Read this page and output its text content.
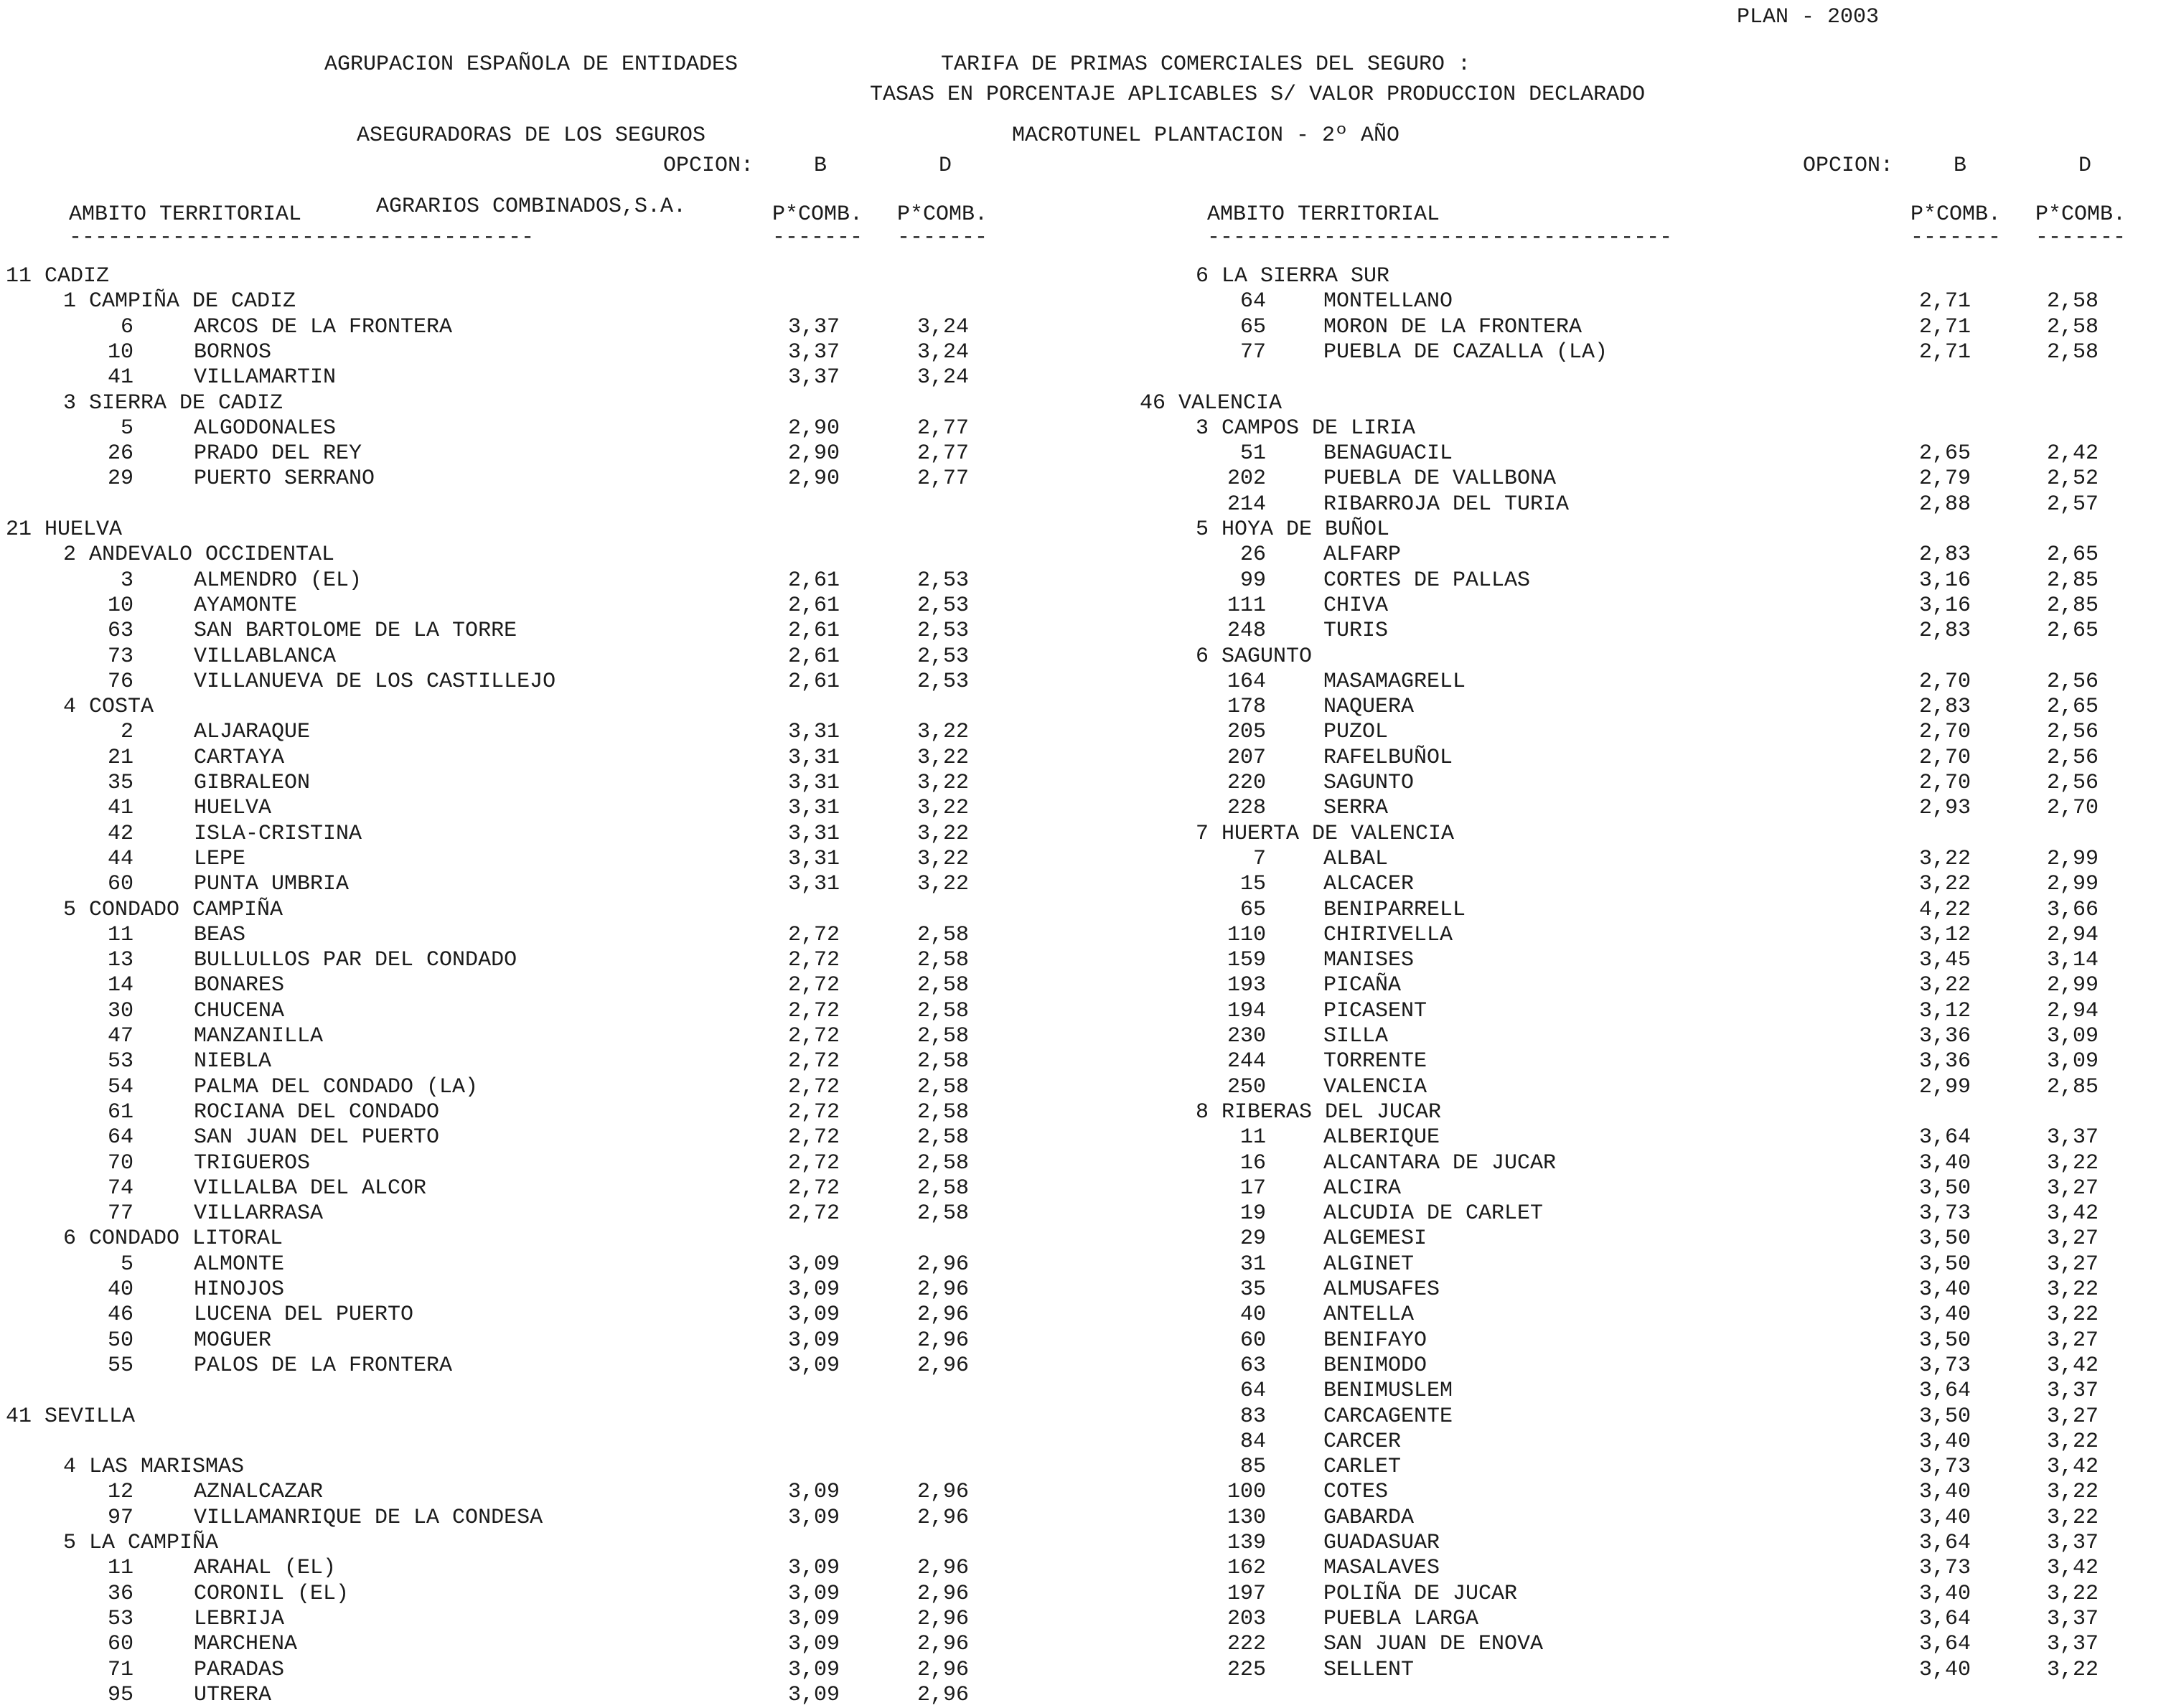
AGRUPACION ESPAÑOLA DE ENTIDADES

ASEGURADORAS DE LOS SEGUROS

AGRARIOS COMBINADOS,S.A.

TARIFA DE PRIMAS COMERCIALES DEL SEGURO :

MACROTUNEL PLANTACION - 2º AÑO

PLAN - 2003
TASAS EN PORCENTAJE APLICABLES S/ VALOR PRODUCCION DECLARADO
OPCION:	B	D
AMBITO TERRITORIAL	P*COMB. P*COMB.
------------------------------------	------- -------
OPCION:	B	D
AMBITO TERRITORIAL	P*COMB. P*COMB.
------------------------------------	------- -------
11 CADIZ
1 CAMPIÑA DE CADIZ
6	ARCOS DE LA FRONTERA	3,37	3,24
10	BORNOS	3,37	3,24
41	VILLAMARTIN	3,37	3,24
3 SIERRA DE CADIZ
5	ALGODONALES	2,90	2,77
26	PRADO DEL REY	2,90	2,77
29	PUERTO SERRANO	2,90	2,77
21 HUELVA
2 ANDEVALO OCCIDENTAL
3	ALMENDRO (EL)	2,61	2,53
10	AYAMONTE	2,61	2,53
63	SAN BARTOLOME DE LA TORRE	2,61	2,53
73	VILLABLANCA	2,61	2,53
76	VILLANUEVA DE LOS CASTILLEJO	2,61	2,53
4 COSTA
2	ALJARAQUE	3,31	3,22
21	CARTAYA	3,31	3,22
35	GIBRALEON	3,31	3,22
41	HUELVA	3,31	3,22
42	ISLA-CRISTINA	3,31	3,22
44	LEPE	3,31	3,22
60	PUNTA UMBRIA	3,31	3,22
5 CONDADO CAMPIÑA
11	BEAS	2,72	2,58
13	BULLULLOS PAR DEL CONDADO	2,72	2,58
14	BONARES	2,72	2,58
30	CHUCENA	2,72	2,58
47	MANZANILLA	2,72	2,58
53	NIEBLA	2,72	2,58
54	PALMA DEL CONDADO (LA)	2,72	2,58
61	ROCIANA DEL CONDADO	2,72	2,58
64	SAN JUAN DEL PUERTO	2,72	2,58
70	TRIGUEROS	2,72	2,58
74	VILLALBA DEL ALCOR	2,72	2,58
77	VILLARRASA	2,72	2,58
6 CONDADO LITORAL
5	ALMONTE	3,09	2,96
40	HINOJOS	3,09	2,96
46	LUCENA DEL PUERTO	3,09	2,96
50	MOGUER	3,09	2,96
55	PALOS DE LA FRONTERA	3,09	2,96
41 SEVILLA
4 LAS MARISMAS
12	AZNALCAZAR	3,09	2,96
97	VILLAMANRIQUE DE LA CONDESA	3,09	2,96
5 LA CAMPIÑA
11	ARAHAL (EL)	3,09	2,96
36	CORONIL (EL)	3,09	2,96
53	LEBRIJA	3,09	2,96
60	MARCHENA	3,09	2,96
71	PARADAS	3,09	2,96
95	UTRERA	3,09	2,96
6 LA SIERRA SUR
64	MONTELLANO	2,71	2,58
65	MORON DE LA FRONTERA	2,71	2,58
77	PUEBLA DE CAZALLA (LA)	2,71	2,58
46 VALENCIA
3 CAMPOS DE LIRIA
51	BENAGUACIL	2,65	2,42
202	PUEBLA DE VALLBONA	2,79	2,52
214	RIBARROJA DEL TURIA	2,88	2,57
5 HOYA DE BUÑOL
26	ALFARP	2,83	2,65
99	CORTES DE PALLAS	3,16	2,85
111	CHIVA	3,16	2,85
248	TURIS	2,83	2,65
6 SAGUNTO
164	MASAMAGRELL	2,70	2,56
178	NAQUERA	2,83	2,65
205	PUZOL	2,70	2,56
207	RAFELBUÑOL	2,70	2,56
220	SAGUNTO	2,70	2,56
228	SERRA	2,93	2,70
7 HUERTA DE VALENCIA
7	ALBAL	3,22	2,99
15	ALCACER	3,22	2,99
65	BENIPARRELL	4,22	3,66
110	CHIRIVELLA	3,12	2,94
159	MANISES	3,45	3,14
193	PICAÑA	3,22	2,99
194	PICASENT	3,12	2,94
230	SILLA	3,36	3,09
244	TORRENTE	3,36	3,09
250	VALENCIA	2,99	2,85
8 RIBERAS DEL JUCAR
11	ALBERIQUE	3,64	3,37
16	ALCANTARA DE JUCAR	3,40	3,22
17	ALCIRA	3,50	3,27
19	ALCUDIA DE CARLET	3,73	3,42
29	ALGEMESI	3,50	3,27
31	ALGINET	3,50	3,27
35	ALMUSAFES	3,40	3,22
40	ANTELLA	3,40	3,22
60	BENIFAYO	3,50	3,27
63	BENIMODO	3,73	3,42
64	BENIMUSLEM	3,64	3,37
83	CARCAGENTE	3,50	3,27
84	CARCER	3,40	3,22
85	CARLET	3,73	3,42
100	COTES	3,40	3,22
130	GABARDA	3,40	3,22
139	GUADASUAR	3,64	3,37
162	MASALAVES	3,73	3,42
197	POLIÑA DE JUCAR	3,40	3,22
203	PUEBLA LARGA	3,64	3,37
222	SAN JUAN DE ENOVA	3,64	3,37
225	SELLENT	3,40	3,22
